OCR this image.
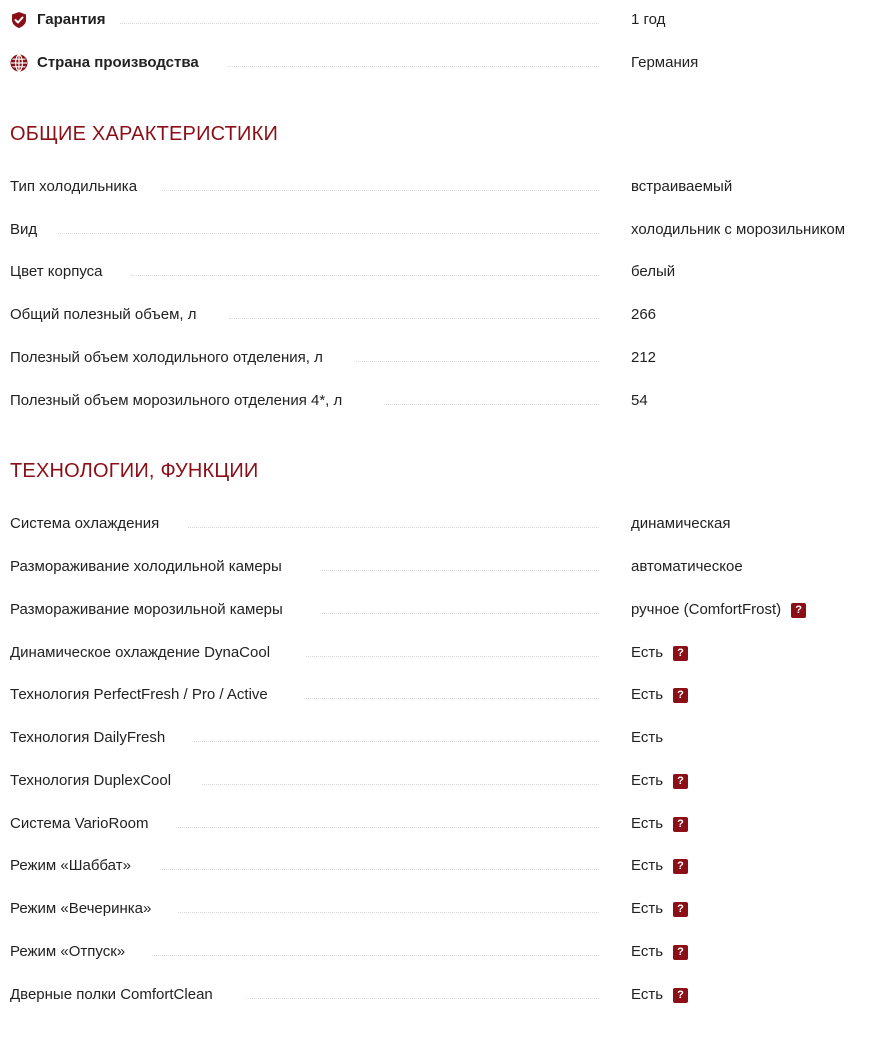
Гарантия	1 год
Страна производства	Германия
ОБЩИЕ ХАРАКТЕРИСТИКИ
Тип холодильника	встраиваемый
Вид	холодильник с морозильником
Цвет корпуса	белый
Общий полезный объем, л	266
Полезный объем холодильного отделения, л	212
Полезный объем морозильного отделения 4*, л	54
ТЕХНОЛОГИИ, ФУНКЦИИ
Система охлаждения	динамическая
Размораживание холодильной камеры	автоматическое
Размораживание морозильной камеры	ручное (ComfortFrost)	?
Динамическое охлаждение DynaCool	Есть	?
Технология PerfectFresh / Pro / Active	Есть	?
Технология DailyFresh	Есть
Технология DuplexCool	Есть	?
Система VarioRoom	Есть	?
Режим «Шаббат»	Есть	?
Режим «Вечеринка»	Есть	?
Режим «Отпуск»	Есть	?
Дверные полки ComfortClean	Есть	?
